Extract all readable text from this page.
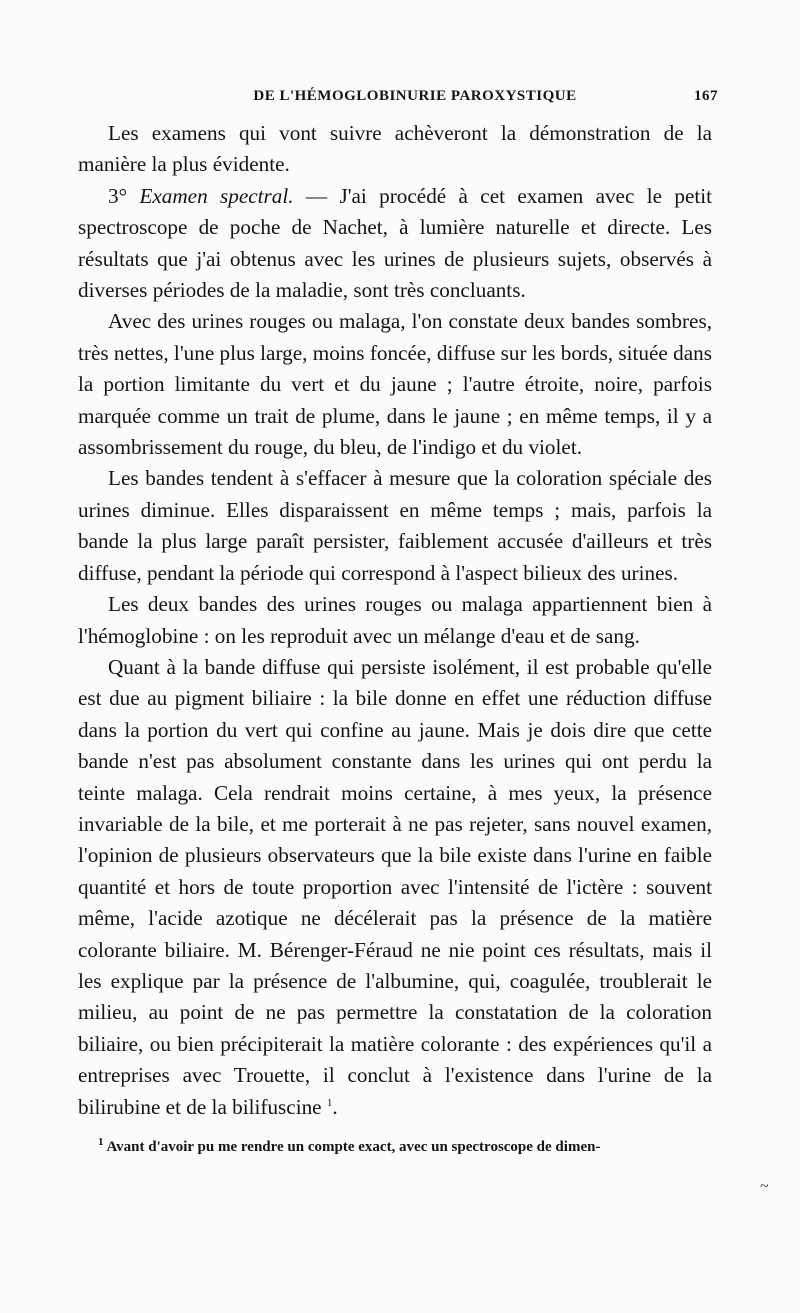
DE L'HÉMOGLOBINURIE PAROXYSTIQUE	167

Les examens qui vont suivre achèveront la démonstration de la manière la plus évidente.

3° Examen spectral. — J'ai procédé à cet examen avec le petit spectroscope de poche de Nachet, à lumière naturelle et directe. Les résultats que j'ai obtenus avec les urines de plusieurs sujets, observés à diverses périodes de la maladie, sont très concluants.

Avec des urines rouges ou malaga, l'on constate deux bandes sombres, très nettes, l'une plus large, moins foncée, diffuse sur les bords, située dans la portion limitante du vert et du jaune ; l'autre étroite, noire, parfois marquée comme un trait de plume, dans le jaune ; en même temps, il y a assombrissement du rouge, du bleu, de l'indigo et du violet.

Les bandes tendent à s'effacer à mesure que la coloration spéciale des urines diminue. Elles disparaissent en même temps ; mais, parfois la bande la plus large paraît persister, faiblement accusée d'ailleurs et très diffuse, pendant la période qui correspond à l'aspect bilieux des urines.

Les deux bandes des urines rouges ou malaga appartiennent bien à l'hémoglobine : on les reproduit avec un mélange d'eau et de sang.

Quant à la bande diffuse qui persiste isolément, il est probable qu'elle est due au pigment biliaire : la bile donne en effet une réduction diffuse dans la portion du vert qui confine au jaune. Mais je dois dire que cette bande n'est pas absolument constante dans les urines qui ont perdu la teinte malaga. Cela rendrait moins certaine, à mes yeux, la présence invariable de la bile, et me porterait à ne pas rejeter, sans nouvel examen, l'opinion de plusieurs observateurs que la bile existe dans l'urine en faible quantité et hors de toute proportion avec l'intensité de l'ictère : souvent même, l'acide azotique ne décélerait pas la présence de la matière colorante biliaire. M. Bérenger-Féraud ne nie point ces résultats, mais il les explique par la présence de l'albumine, qui, coagulée, troublerait le milieu, au point de ne pas permettre la constatation de la coloration biliaire, ou bien précipiterait la matière colorante : des expériences qu'il a entreprises avec Trouette, il conclut à l'existence dans l'urine de la bilirubine et de la bilifuscine $^1$.

$^1$ Avant d'avoir pu me rendre un compte exact, avec un spectroscope de dimen-
~
